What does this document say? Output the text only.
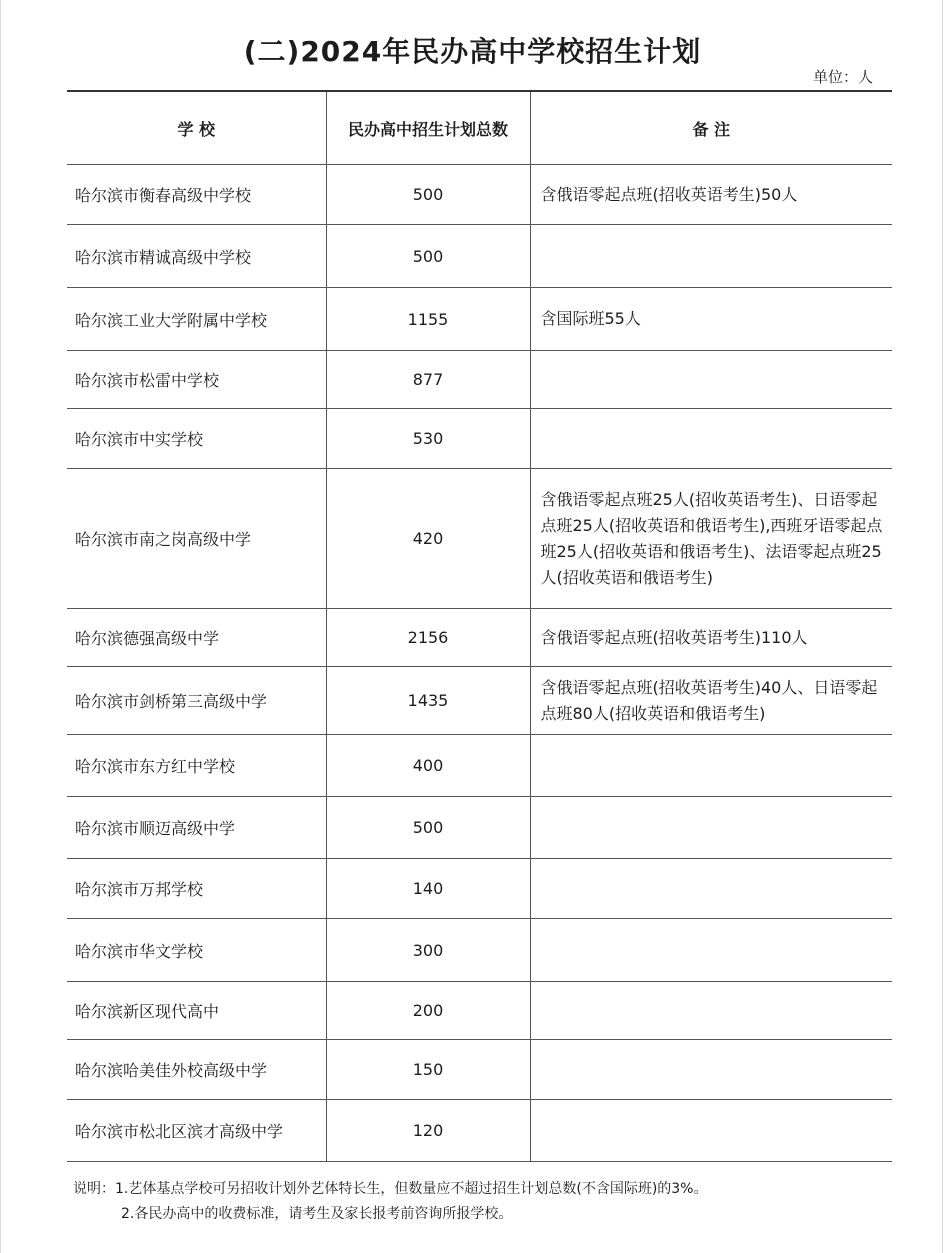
(二)2024年民办高中学校招生计划
单位：人
学 校	民办高中招生计划总数	备 注
哈尔滨市衡春高级中学校	500	含俄语零起点班(招收英语考生)50人
哈尔滨市精诚高级中学校	500	
哈尔滨工业大学附属中学校	1155	含国际班55人
哈尔滨市松雷中学校	877	
哈尔滨市中实学校	530	
哈尔滨市南之岗高级中学	420	含俄语零起点班25人(招收英语考生)、日语零起点班25人(招收英语和俄语考生),西班牙语零起点班25人(招收英语和俄语考生)、法语零起点班25人(招收英语和俄语考生)
哈尔滨德强高级中学	2156	含俄语零起点班(招收英语考生)110人
哈尔滨市剑桥第三高级中学	1435	含俄语零起点班(招收英语考生)40人、日语零起点班80人(招收英语和俄语考生)
哈尔滨市东方红中学校	400	
哈尔滨市顺迈高级中学	500	
哈尔滨市万邦学校	140	
哈尔滨市华文学校	300	
哈尔滨新区现代高中	200	
哈尔滨哈美佳外校高级中学	150	
哈尔滨市松北区滨才高级中学	120	
说明：1.艺体基点学校可另招收计划外艺体特长生，但数量应不超过招生计划总数(不含国际班)的3%。
2.各民办高中的收费标准，请考生及家长报考前咨询所报学校。
